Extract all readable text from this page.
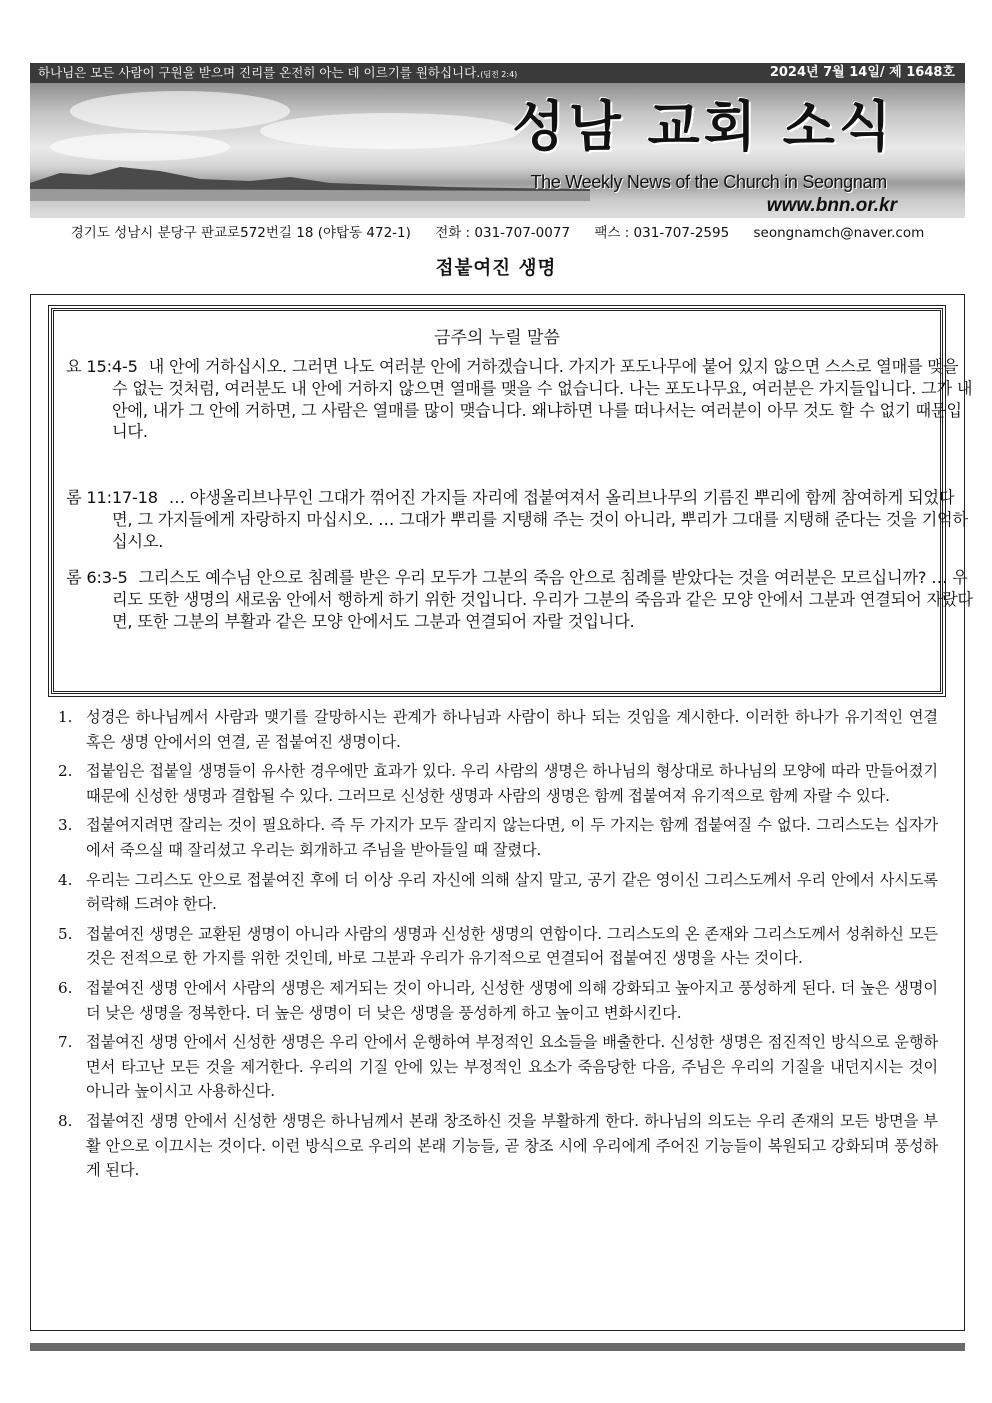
하나님은 모든 사람이 구원을 받으며 진리를 온전히 아는 데 이르기를 원하십니다.(딤전 2:4)	2024년 7월 14일/ 제 1648호
성남 교회 소식
The Weekly News of the Church in Seongnam
www.bnn.or.kr
경기도 성남시 분당구 판교로572번길 18 (야탑동 472-1) 전화 : 031-707-0077 팩스 : 031-707-2595 seongnamch@naver.com
접붙여진 생명
금주의 누릴 말씀
요 15:4-5 내 안에 거하십시오. 그러면 나도 여러분 안에 거하겠습니다. 가지가 포도나무에 붙어 있지 않으면 스스로 열매를 맺을 수 없는 것처럼, 여러분도 내 안에 거하지 않으면 열매를 맺을 수 없습니다. 나는 포도나무요, 여러분은 가지들입니다. 그가 내 안에, 내가 그 안에 거하면, 그 사람은 열매를 많이 맺습니다. 왜냐하면 나를 떠나서는 여러분이 아무 것도 할 수 없기 때문입니다.
롬 11:17-18 … 야생올리브나무인 그대가 꺾어진 가지들 자리에 접붙여져서 올리브나무의 기름진 뿌리에 함께 참여하게 되었다면, 그 가지들에게 자랑하지 마십시오. … 그대가 뿌리를 지탱해 주는 것이 아니라, 뿌리가 그대를 지탱해 준다는 것을 기억하십시오.
롬 6:3-5 그리스도 예수님 안으로 침례를 받은 우리 모두가 그분의 죽음 안으로 침례를 받았다는 것을 여러분은 모르십니까? … 우리도 또한 생명의 새로움 안에서 행하게 하기 위한 것입니다. 우리가 그분의 죽음과 같은 모양 안에서 그분과 연결되어 자랐다면, 또한 그분의 부활과 같은 모양 안에서도 그분과 연결되어 자랄 것입니다.
1. 성경은 하나님께서 사람과 맺기를 갈망하시는 관계가 하나님과 사람이 하나 되는 것임을 계시한다. 이러한 하나가 유기적인 연결 혹은 생명 안에서의 연결, 곧 접붙여진 생명이다.
2. 접붙임은 접붙일 생명들이 유사한 경우에만 효과가 있다. 우리 사람의 생명은 하나님의 형상대로 하나님의 모양에 따라 만들어졌기 때문에 신성한 생명과 결합될 수 있다. 그러므로 신성한 생명과 사람의 생명은 함께 접붙여져 유기적으로 함께 자랄 수 있다.
3. 접붙여지려면 잘리는 것이 필요하다. 즉 두 가지가 모두 잘리지 않는다면, 이 두 가지는 함께 접붙여질 수 없다. 그리스도는 십자가에서 죽으실 때 잘리셨고 우리는 회개하고 주님을 받아들일 때 잘렸다.
4. 우리는 그리스도 안으로 접붙여진 후에 더 이상 우리 자신에 의해 살지 말고, 공기 같은 영이신 그리스도께서 우리 안에서 사시도록 허락해 드려야 한다.
5. 접붙여진 생명은 교환된 생명이 아니라 사람의 생명과 신성한 생명의 연합이다. 그리스도의 온 존재와 그리스도께서 성취하신 모든 것은 전적으로 한 가지를 위한 것인데, 바로 그분과 우리가 유기적으로 연결되어 접붙여진 생명을 사는 것이다.
6. 접붙여진 생명 안에서 사람의 생명은 제거되는 것이 아니라, 신성한 생명에 의해 강화되고 높아지고 풍성하게 된다. 더 높은 생명이 더 낮은 생명을 정복한다. 더 높은 생명이 더 낮은 생명을 풍성하게 하고 높이고 변화시킨다.
7. 접붙여진 생명 안에서 신성한 생명은 우리 안에서 운행하여 부정적인 요소들을 배출한다. 신성한 생명은 점진적인 방식으로 운행하면서 타고난 모든 것을 제거한다. 우리의 기질 안에 있는 부정적인 요소가 죽음당한 다음, 주님은 우리의 기질을 내던지시는 것이 아니라 높이시고 사용하신다.
8. 접붙여진 생명 안에서 신성한 생명은 하나님께서 본래 창조하신 것을 부활하게 한다. 하나님의 의도는 우리 존재의 모든 방면을 부활 안으로 이끄시는 것이다. 이런 방식으로 우리의 본래 기능들, 곧 창조 시에 우리에게 주어진 기능들이 복원되고 강화되며 풍성하게 된다.
